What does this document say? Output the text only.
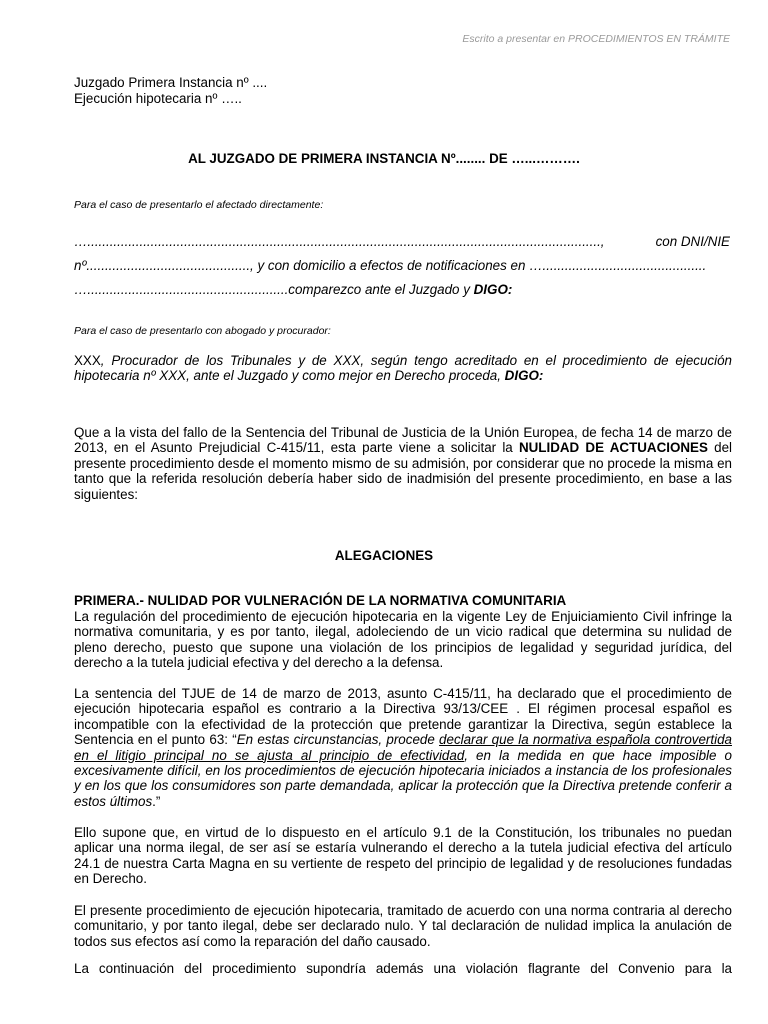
Escrito a presentar en PROCEDIMIENTOS EN TRÁMITE
Juzgado Primera Instancia nº ....
Ejecución hipotecaria nº …..
AL JUZGADO DE PRIMERA INSTANCIA Nº........ DE …...……….
Para el caso de presentarlo el afectado directamente:
…..........................................................................................................................................,	con DNI/NIE
nº............................................, y con domicilio a efectos de notificaciones en …............................................
…......................................................comparezco ante el Juzgado y DIGO:
Para el caso de presentarlo con abogado y procurador:

XXX, Procurador de los Tribunales y de XXX, según tengo acreditado en el procedimiento de ejecución hipotecaria nº XXX, ante el Juzgado y como mejor en Derecho proceda, DIGO:

Que a la vista del fallo de la Sentencia del Tribunal de Justicia de la Unión Europea, de fecha 14 de marzo de 2013, en el Asunto Prejudicial C-415/11, esta parte viene a solicitar la NULIDAD DE ACTUACIONES del presente procedimiento desde el momento mismo de su admisión, por considerar que no procede la misma en tanto que la referida resolución debería haber sido de inadmisión del presente procedimiento, en base a las siguientes:

ALEGACIONES
PRIMERA.- NULIDAD POR VULNERACIÓN DE LA NORMATIVA COMUNITARIA

La regulación del procedimiento de ejecución hipotecaria en la vigente Ley de Enjuiciamiento Civil infringe la normativa comunitaria, y es por tanto, ilegal, adoleciendo de un vicio radical que determina su nulidad de pleno derecho, puesto que supone una violación de los principios de legalidad y seguridad jurídica, del derecho a la tutela judicial efectiva y del derecho a la defensa.

La sentencia del TJUE de 14 de marzo de 2013, asunto C-415/11, ha declarado que el procedimiento de ejecución hipotecaria español es contrario a la Directiva 93/13/CEE . El régimen procesal español es incompatible con la efectividad de la protección que pretende garantizar la Directiva, según establece la Sentencia en el punto 63: “En estas circunstancias, procede declarar que la normativa española controvertida en el litigio principal no se ajusta al principio de efectividad, en la medida en que hace imposible o excesivamente difícil, en los procedimientos de ejecución hipotecaria iniciados a instancia de los profesionales y en los que los consumidores son parte demandada, aplicar la protección que la Directiva pretende conferir a estos últimos.”

Ello supone que, en virtud de lo dispuesto en el artículo 9.1 de la Constitución, los tribunales no puedan aplicar una norma ilegal, de ser así se estaría vulnerando el derecho a la tutela judicial efectiva del artículo 24.1 de nuestra Carta Magna en su vertiente de respeto del principio de legalidad y de resoluciones fundadas en Derecho.

El presente procedimiento de ejecución hipotecaria, tramitado de acuerdo con una norma contraria al derecho comunitario, y por tanto ilegal, debe ser declarado nulo. Y tal declaración de nulidad implica la anulación de todos sus efectos así como la reparación del daño causado.

La continuación del procedimiento supondría además una violación flagrante del Convenio para la
